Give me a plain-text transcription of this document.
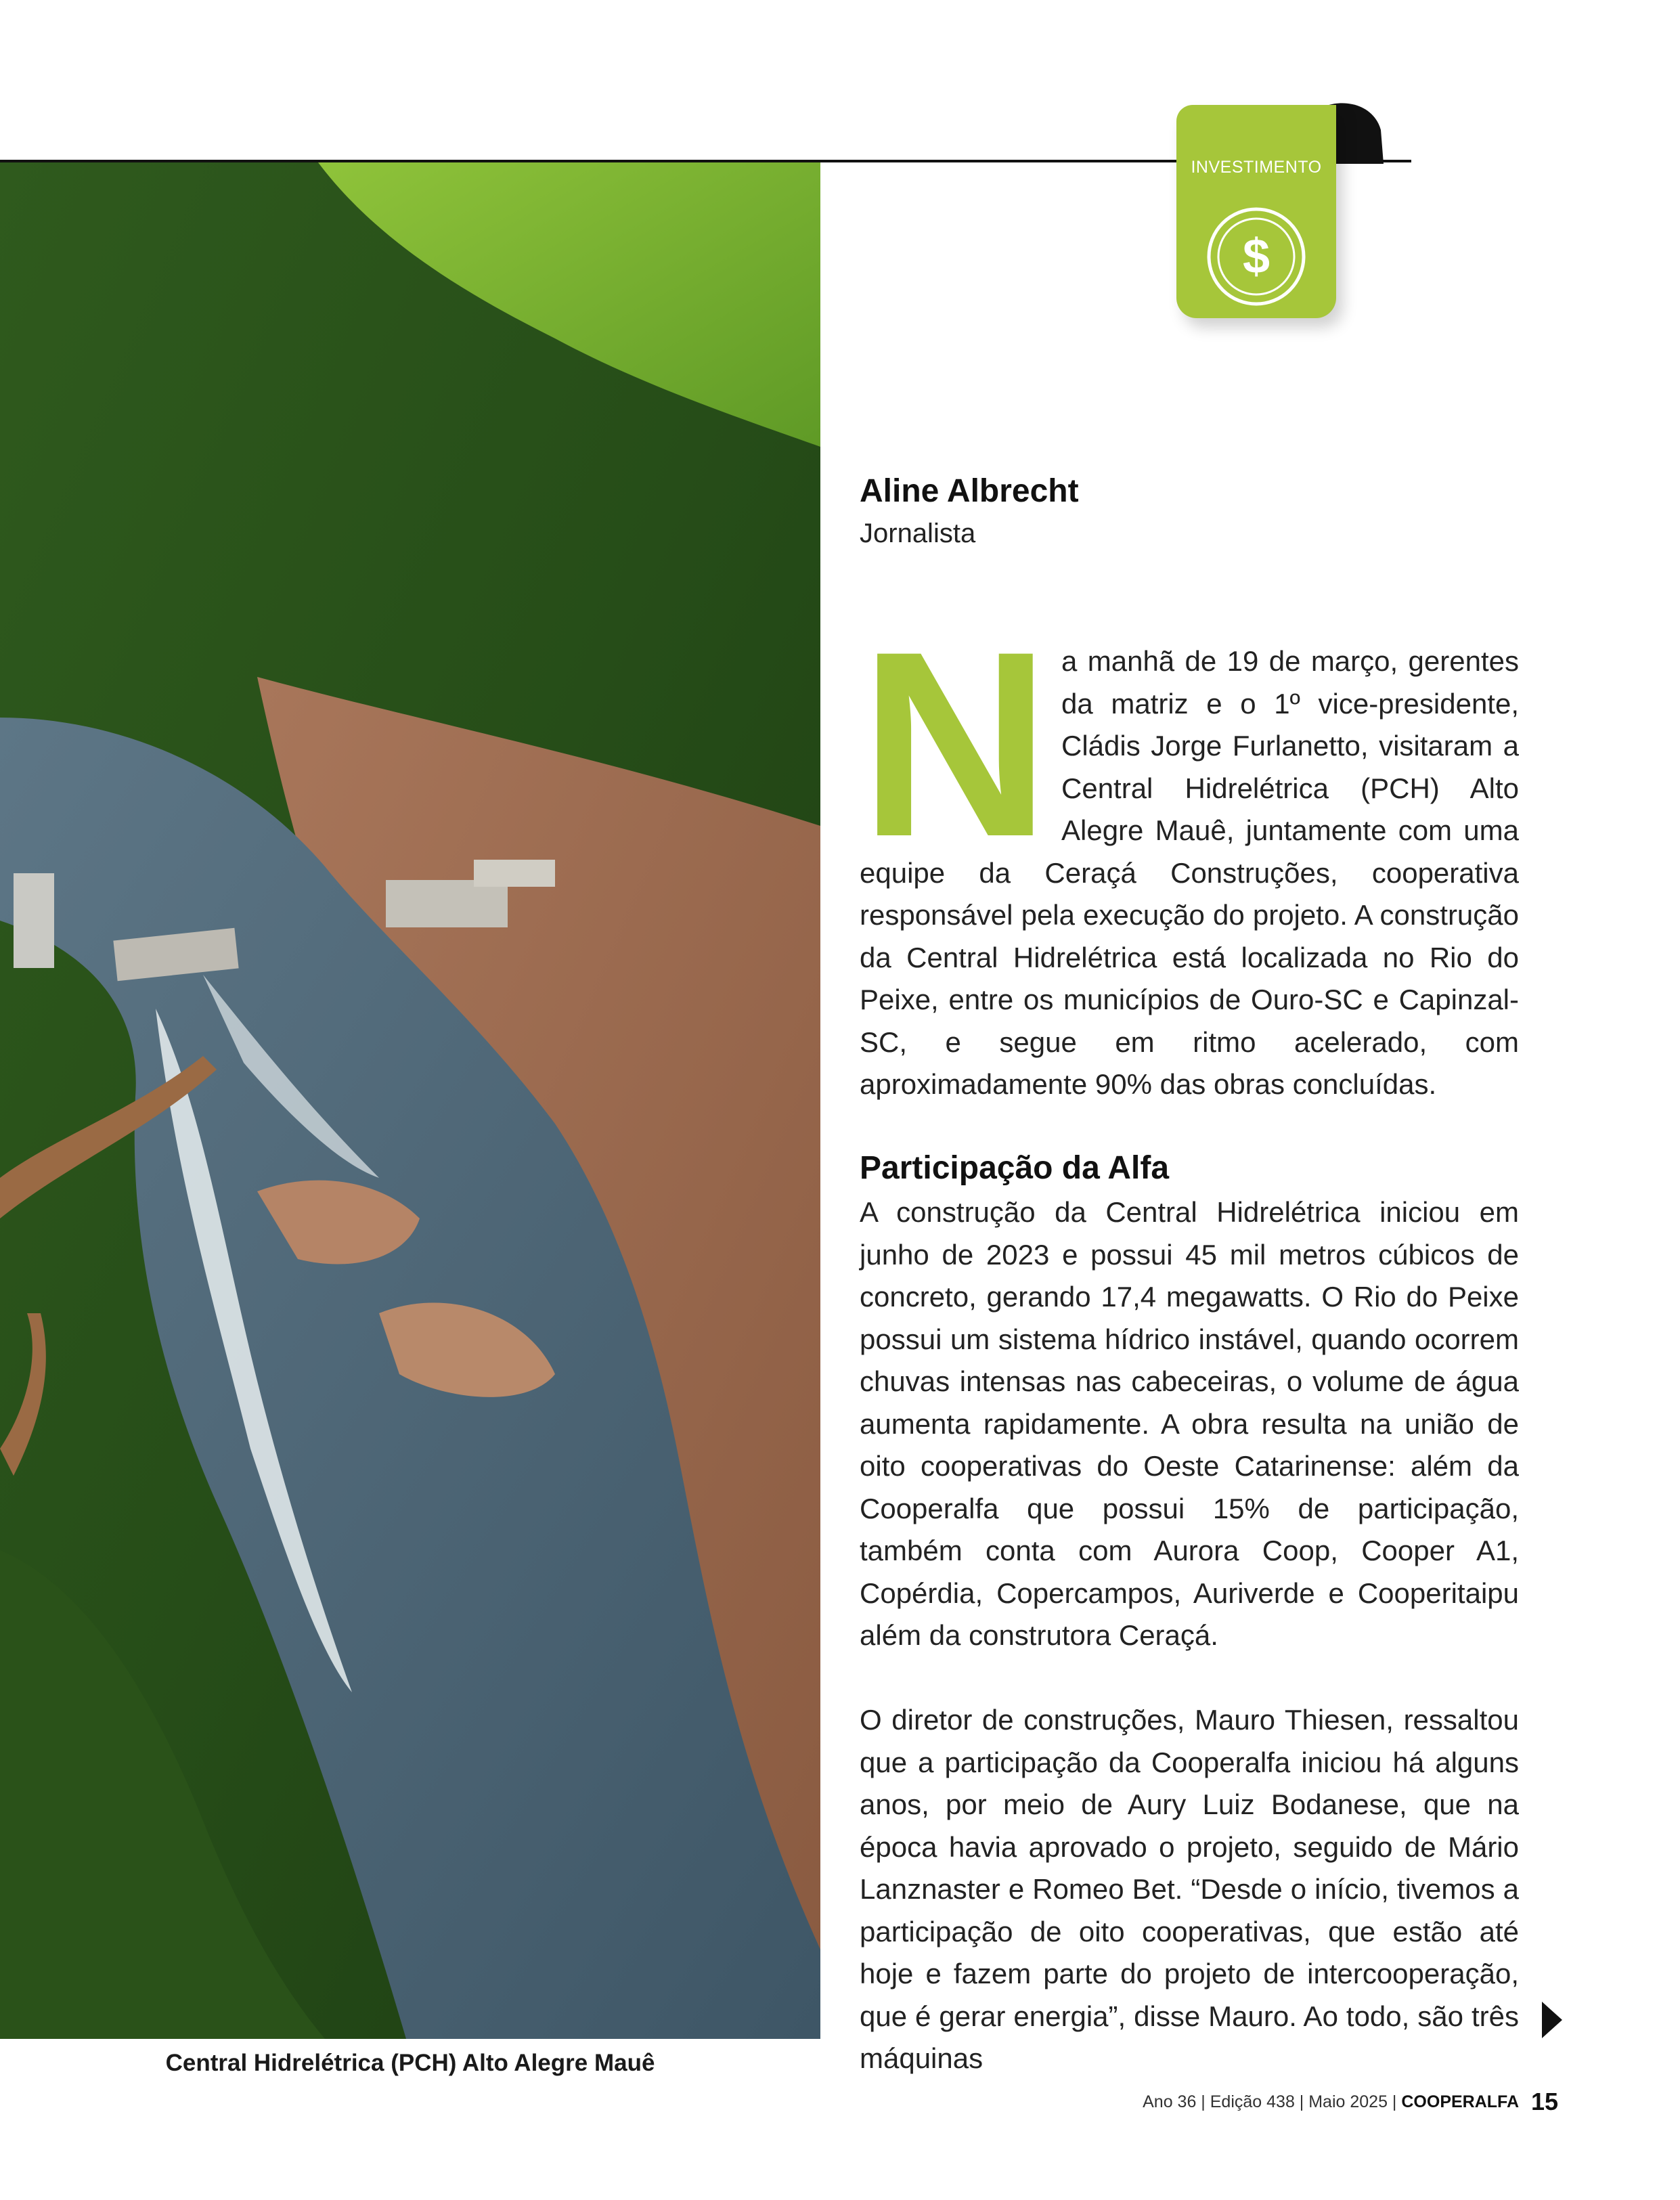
Central Hidrelétrica (PCH) Alto Alegre Mauê
INVESTIMENTO
$
Aline Albrecht
Jornalista
N a manhã de 19 de março, gerentes da matriz e o 1º vice-presidente, Cládis Jorge Furlanetto, visitaram a Central Hidrelétrica (PCH) Alto Alegre Mauê, juntamente com uma equipe da Ceraçá Construções, cooperativa responsável pela execução do projeto. A construção da Central Hidrelétrica está localizada no Rio do Peixe, entre os municípios de Ouro-SC e Capinzal-SC, e segue em ritmo acelerado, com aproximadamente 90% das obras concluídas.
Participação da Alfa

A construção da Central Hidrelétrica iniciou em junho de 2023 e possui 45 mil metros cúbicos de concreto, gerando 17,4 megawatts. O Rio do Peixe possui um sistema hídrico instável, quando ocorrem chuvas intensas nas cabeceiras, o volume de água aumenta rapidamente. A obra resulta na união de oito cooperativas do Oeste Catarinense: além da Cooperalfa que possui 15% de participação, também conta com Aurora Coop, Cooper A1, Copérdia, Copercampos, Auriverde e Cooperitaipu além da construtora Ceraçá.

O diretor de construções, Mauro Thiesen, ressaltou que a participação da Cooperalfa iniciou há alguns anos, por meio de Aury Luiz Bodanese, que na época havia aprovado o projeto, seguido de Mário Lanznaster e Romeo Bet. “Desde o início, tivemos a participação de oito cooperativas, que estão até hoje e fazem parte do projeto de intercooperação, que é gerar energia”, disse Mauro. Ao todo, são três máquinas

Ano 36 | Edição 438 | Maio 2025 | COOPERALFA 15
